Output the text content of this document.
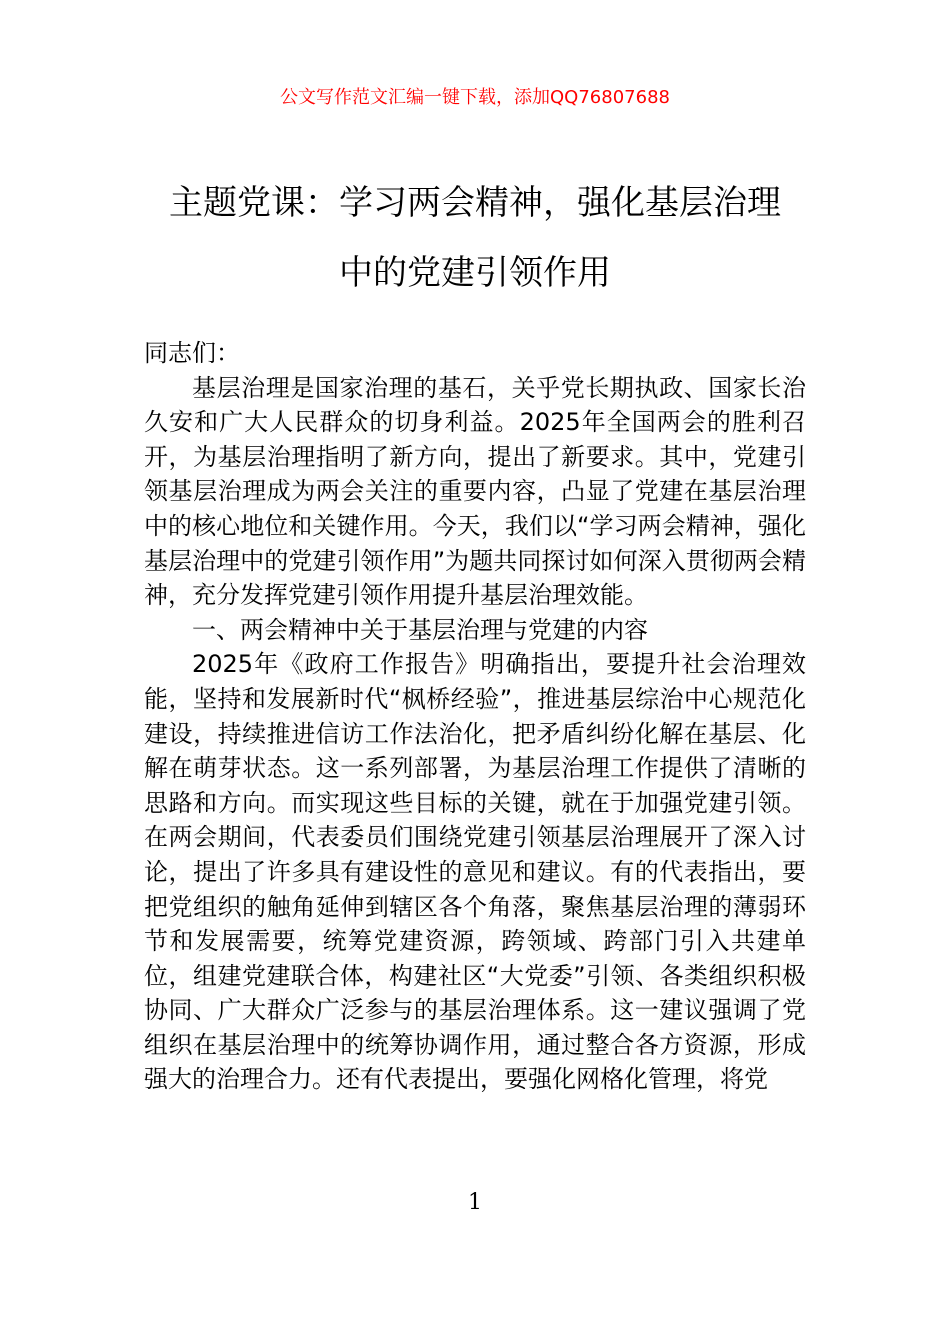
公文写作范文汇编一键下载，添加QQ76807688
主题党课：学习两会精神，强化基层治理
中的党建引领作用

同志们：

基层治理是国家治理的基石，关乎党长期执政、国家长治久安和广大人民群众的切身利益。2025年全国两会的胜利召开，为基层治理指明了新方向，提出了新要求。其中，党建引领基层治理成为两会关注的重要内容，凸显了党建在基层治理中的核心地位和关键作用。今天，我们以“学习两会精神，强化基层治理中的党建引领作用”为题共同探讨如何深入贯彻两会精神，充分发挥党建引领作用提升基层治理效能。

一、两会精神中关于基层治理与党建的内容

2025年《政府工作报告》明确指出，要提升社会治理效能，坚持和发展新时代“枫桥经验”，推进基层综治中心规范化建设，持续推进信访工作法治化，把矛盾纠纷化解在基层、化解在萌芽状态。这一系列部署，为基层治理工作提供了清晰的思路和方向。而实现这些目标的关键，就在于加强党建引领。在两会期间，代表委员们围绕党建引领基层治理展开了深入讨论，提出了许多具有建设性的意见和建议。有的代表指出，要把党组织的触角延伸到辖区各个角落，聚焦基层治理的薄弱环节和发展需要，统筹党建资源，跨领域、跨部门引入共建单位，组建党建联合体，构建社区“大党委”引领、各类组织积极协同、广大群众广泛参与的基层治理体系。这一建议强调了党组织在基层治理中的统筹协调作用，通过整合各方资源，形成强大的治理合力。还有代表提出，要强化网格化管理，将党

1
